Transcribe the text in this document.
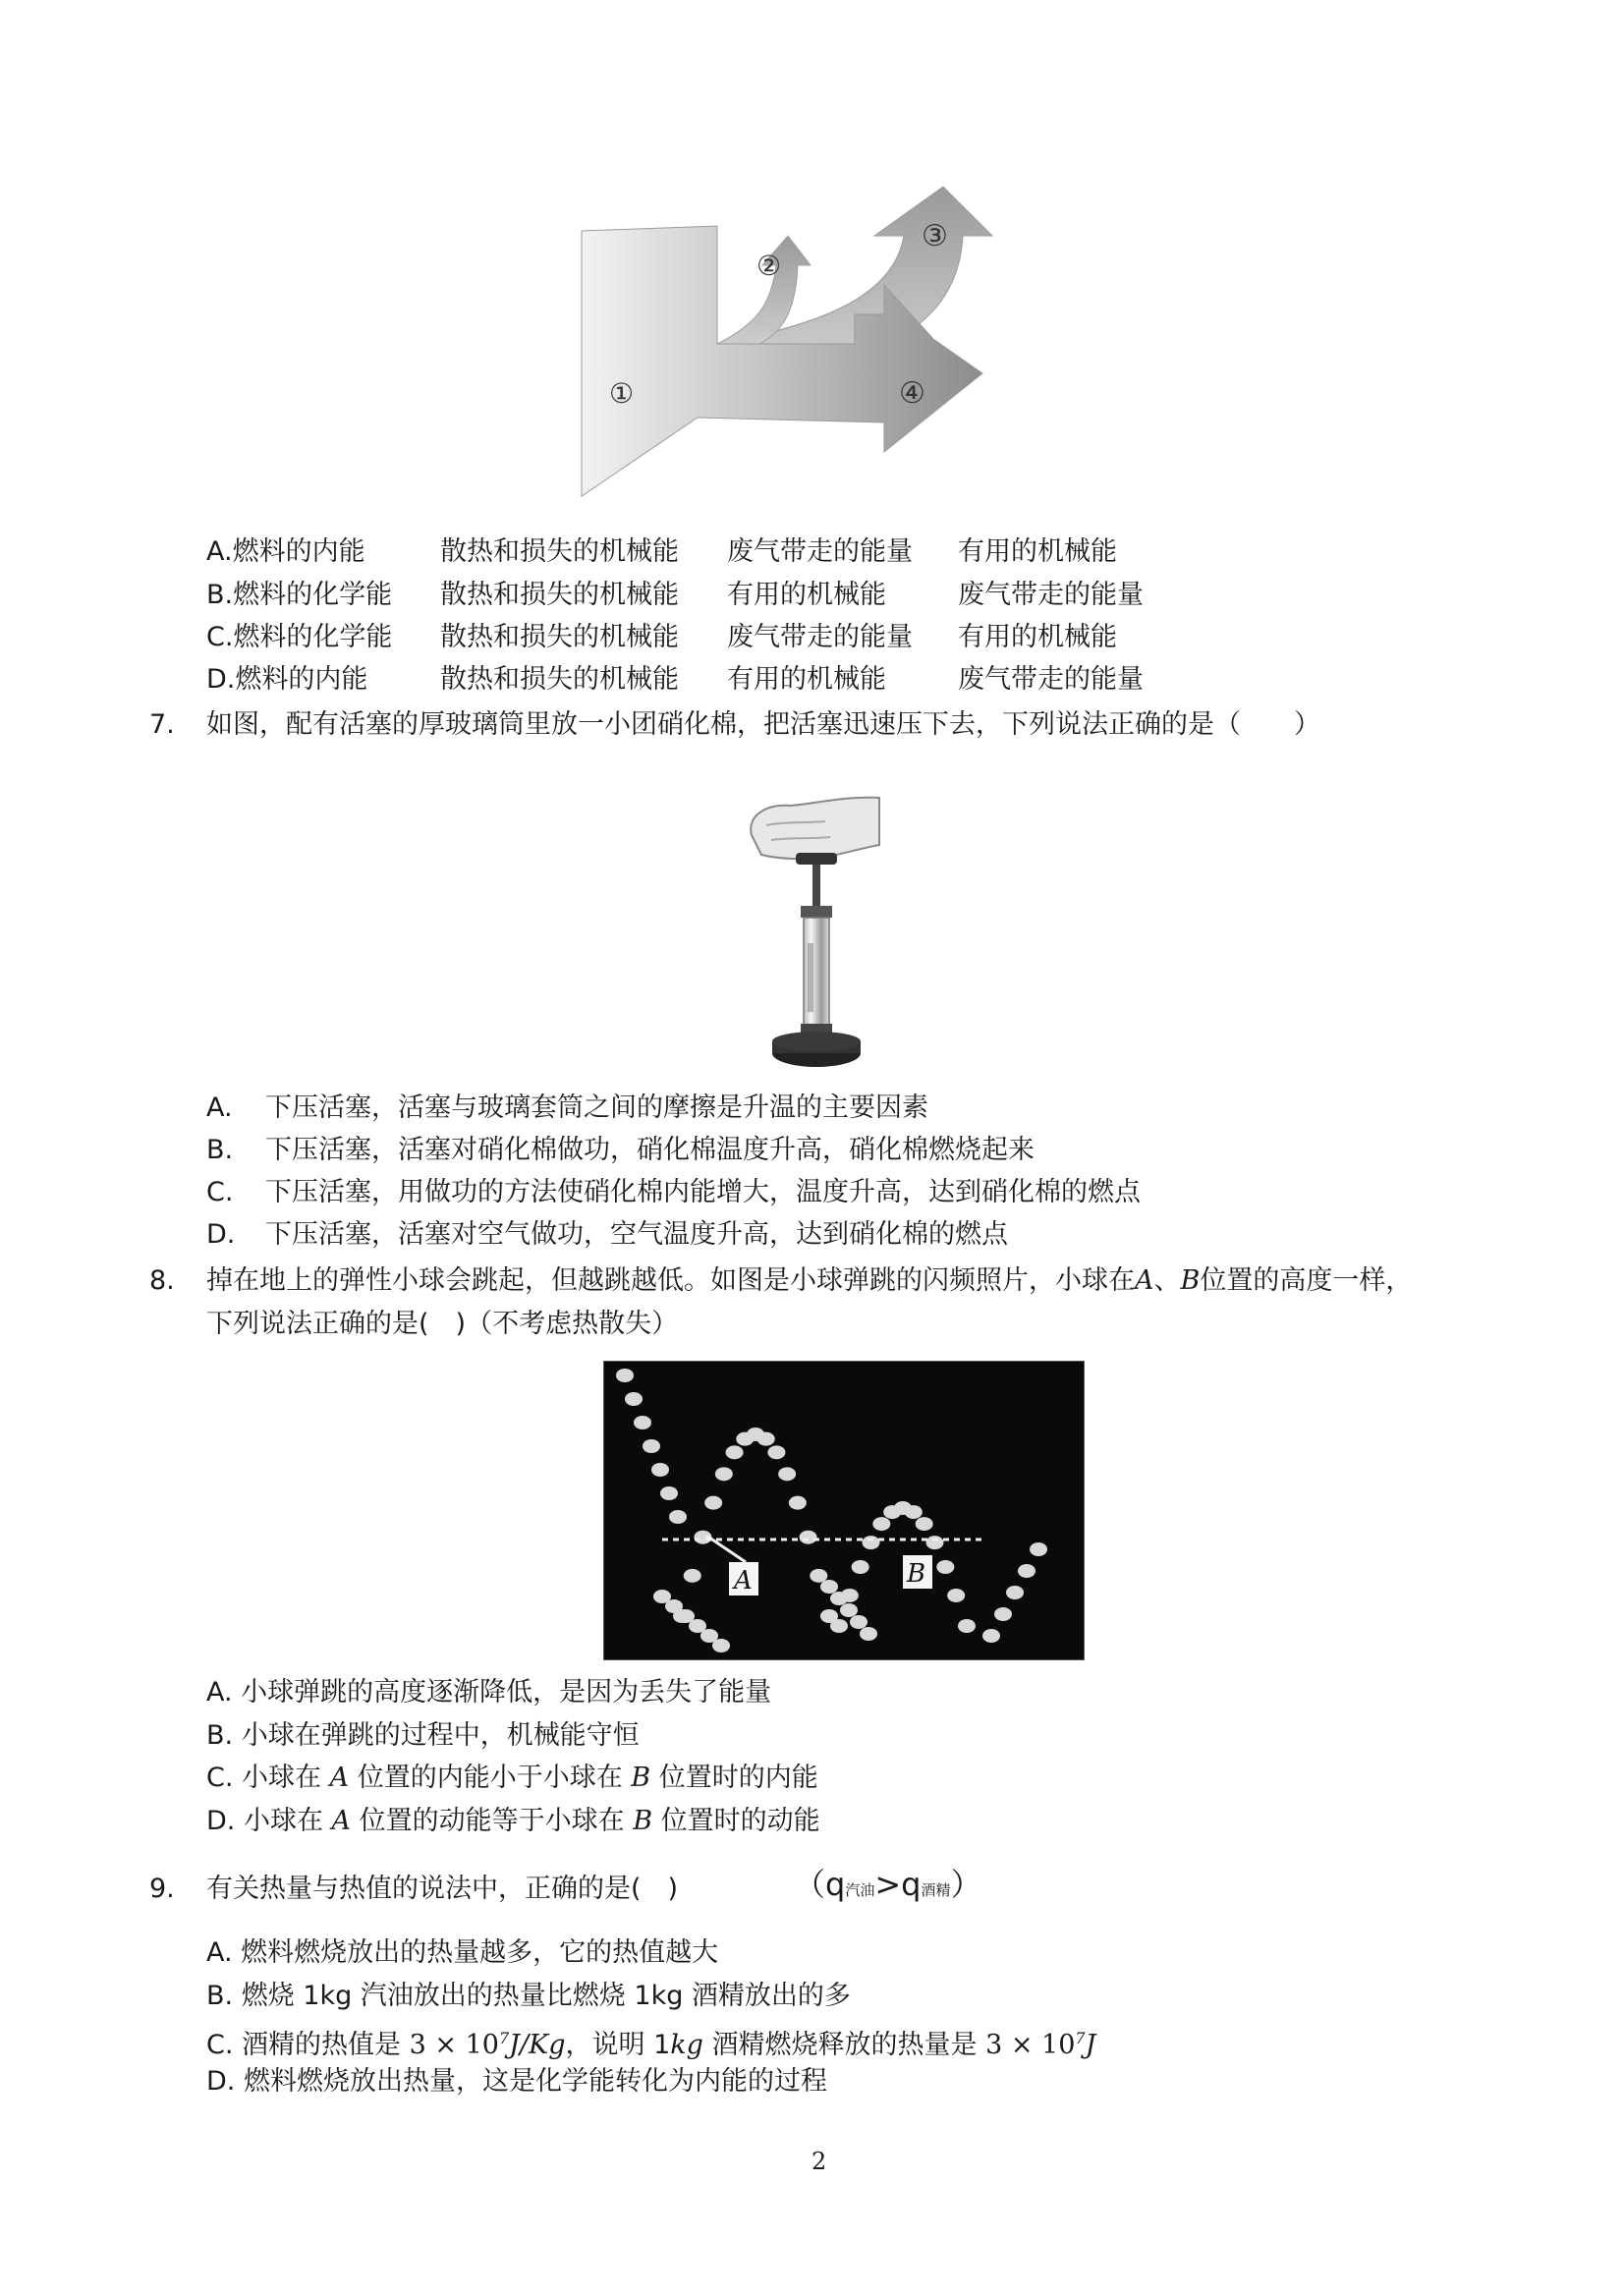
①
②
③
④
A.燃料的内能	散热和损失的机械能 废气带走的能量 有用的机械能
B.燃料的化学能 散热和损失的机械能 有用的机械能	废气带走的能量
C.燃料的化学能 散热和损失的机械能 废气带走的能量 有用的机械能
D.燃料的内能	散热和损失的机械能 有用的机械能	废气带走的能量
7. 如图，配有活塞的厚玻璃筒里放一小团硝化棉，把活塞迅速压下去，下列说法正确的是（　　）
A. 下压活塞，活塞与玻璃套筒之间的摩擦是升温的主要因素
B. 下压活塞，活塞对硝化棉做功，硝化棉温度升高，硝化棉燃烧起来
C. 下压活塞，用做功的方法使硝化棉内能增大，温度升高，达到硝化棉的燃点
D. 下压活塞，活塞对空气做功，空气温度升高，达到硝化棉的燃点
8. 掉在地上的弹性小球会跳起，但越跳越低。如图是小球弹跳的闪频照片，小球在A、B位置的高度一样，
下列说法正确的是(　)（不考虑热散失）
A	B
A. 小球弹跳的高度逐渐降低，是因为丢失了能量
B. 小球在弹跳的过程中，机械能守恒
C. 小球在 A 位置的内能小于小球在 B 位置时的内能
D. 小球在 A 位置的动能等于小球在 B 位置时的动能
9. 有关热量与热值的说法中，正确的是(　)	（q汽油>q酒精）
A. 燃料燃烧放出的热量越多，它的热值越大
B. 燃烧 1kg 汽油放出的热量比燃烧 1kg 酒精放出的多
C. 酒精的热值是 $3 \times 10^7J/Kg$，说明 1kg 酒精燃烧释放的热量是 $3 \times 10^7J$
D. 燃料燃烧放出热量，这是化学能转化为内能的过程
2
